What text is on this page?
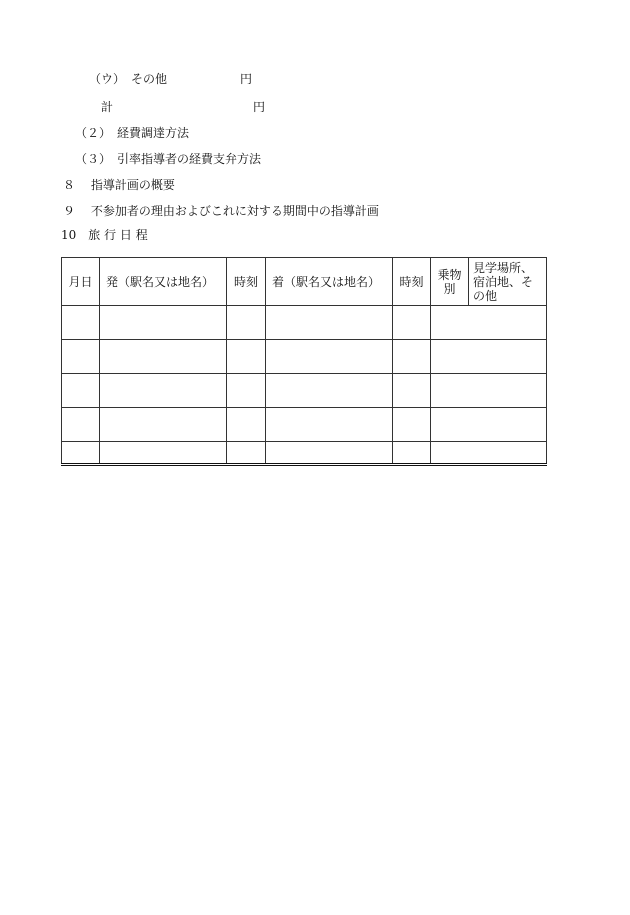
（ウ）　その他	円
計	円
（２）　経費調達方法
（３）　引率指導者の経費支弁方法
８　 指導計画の概要
９　 不参加者の理由およびこれに対する期間中の指導計画
10　旅 行 日 程
月日	発（駅名又は地名）	時刻	着（駅名又は地名）	時刻	乗物別	見学場所、宿泊地、その他
